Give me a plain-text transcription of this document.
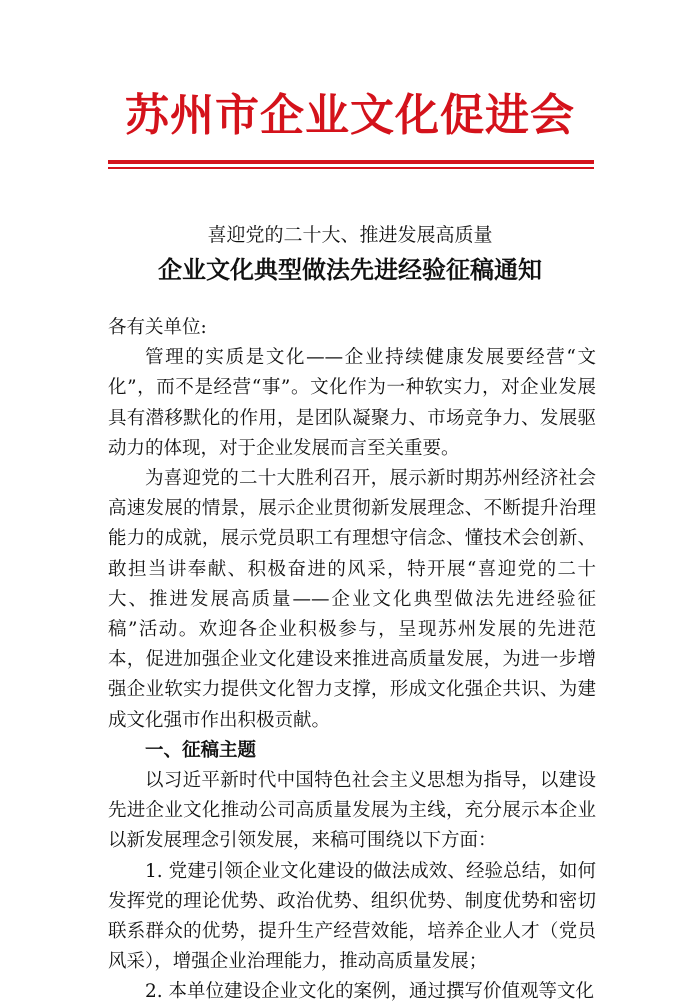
苏州市企业文化促进会
喜迎党的二十大、推进发展高质量
企业文化典型做法先进经验征稿通知

各有关单位:

管理的实质是文化——企业持续健康发展要经营“文化”，而不是经营“事”。文化作为一种软实力，对企业发展具有潜移默化的作用，是团队凝聚力、市场竞争力、发展驱动力的体现，对于企业发展而言至关重要。

为喜迎党的二十大胜利召开，展示新时期苏州经济社会高速发展的情景，展示企业贯彻新发展理念、不断提升治理能力的成就，展示党员职工有理想守信念、懂技术会创新、敢担当讲奉献、积极奋进的风采，特开展“喜迎党的二十大、推进发展高质量——企业文化典型做法先进经验征稿”活动。欢迎各企业积极参与，呈现苏州发展的先进范本，促进加强企业文化建设来推进高质量发展，为进一步增强企业软实力提供文化智力支撑，形成文化强企共识、为建成文化强市作出积极贡献。

一、征稿主题

以习近平新时代中国特色社会主义思想为指导，以建设先进企业文化推动公司高质量发展为主线，充分展示本企业以新发展理念引领发展，来稿可围绕以下方面：

1. 党建引领企业文化建设的做法成效、经验总结，如何发挥党的理论优势、政治优势、组织优势、制度优势和密切联系群众的优势，提升生产经营效能，培养企业人才（党员风采），增强企业治理能力，推动高质量发展；

2. 本单位建设企业文化的案例，通过撰写价值观等文化
